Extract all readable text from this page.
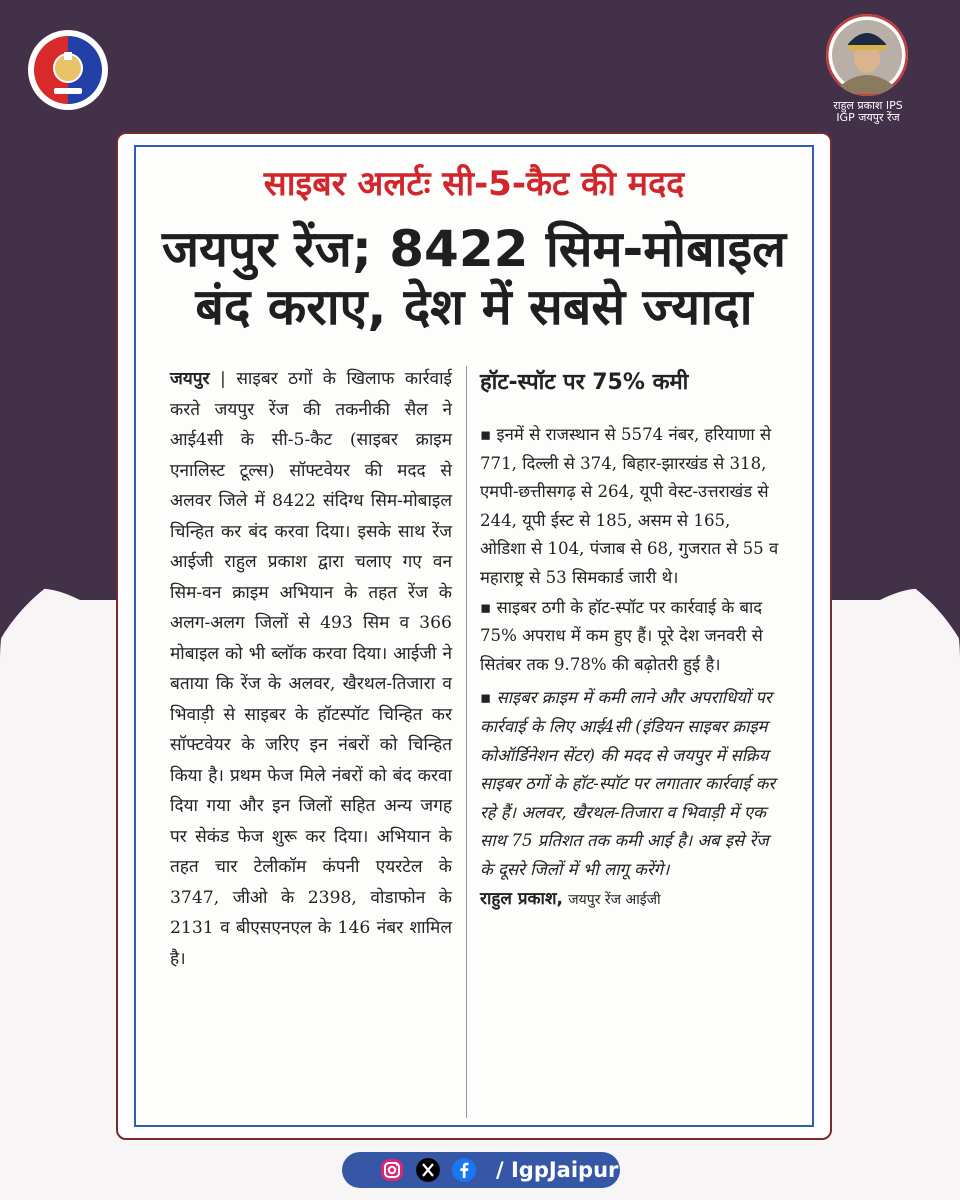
राहुल प्रकाश IPS
IGP जयपुर रेंज
साइबर अलर्टः सी-5-कैट की मदद
जयपुर रेंज; 8422 सिम-मोबाइल
बंद कराए, देश में सबसे ज्यादा
जयपुर | साइबर ठगों के खिलाफ कार्रवाई करते जयपुर रेंज की तकनीकी सैल ने आई4सी के सी-5-कैट (साइबर क्राइम एनालिस्ट टूल्स) सॉफ्टवेयर की मदद से अलवर जिले में 8422 संदिग्ध सिम-मोबाइल चिन्हित कर बंद करवा दिया। इसके साथ रेंज आईजी राहुल प्रकाश द्वारा चलाए गए वन सिम-वन क्राइम अभियान के तहत रेंज के अलग-अलग जिलों से 493 सिम व 366 मोबाइल को भी ब्लॉक करवा दिया। आईजी ने बताया कि रेंज के अलवर, खैरथल-तिजारा व भिवाड़ी से साइबर के हॉटस्पॉट चिन्हित कर सॉफ्टवेयर के जरिए इन नंबरों को चिन्हित किया है। प्रथम फेज मिले नंबरों को बंद करवा दिया गया और इन जिलों सहित अन्य जगह पर सेकंड फेज शुरू कर दिया। अभियान के तहत चार टेलीकॉम कंपनी एयरटेल के 3747, जीओ के 2398, वोडाफोन के 2131 व बीएसएनएल के 146 नंबर शामिल है।
हॉट-स्पॉट पर 75% कमी

▪ इनमें से राजस्थान से 5574 नंबर, हरियाणा से 771, दिल्ली से 374, बिहार-झारखंड से 318, एमपी-छत्तीसगढ़ से 264, यूपी वेस्ट-उत्तराखंड से 244, यूपी ईस्ट से 185, असम से 165, ओडिशा से 104, पंजाब से 68, गुजरात से 55 व महाराष्ट्र से 53 सिमकार्ड जारी थे।

▪ साइबर ठगी के हॉट-स्पॉट पर कार्रवाई के बाद 75% अपराध में कम हुए हैं। पूरे देश जनवरी से सितंबर तक 9.78% की बढ़ोतरी हुई है।

▪ साइबर क्राइम में कमी लाने और अपराधियों पर कार्रवाई के लिए आई4सी (इंडियन साइबर क्राइम कोऑर्डिनेशन सेंटर) की मदद से जयपुर में सक्रिय साइबर ठगों के हॉट-स्पॉट पर लगातार कार्रवाई कर रहे हैं। अलवर, खैरथल-तिजारा व भिवाड़ी में एक साथ 75 प्रतिशत तक कमी आई है। अब इसे रेंज के दूसरे जिलों में भी लागू करेंगे।

राहुल प्रकाश, जयपुर रेंज आईजी

/ IgpJaipur
